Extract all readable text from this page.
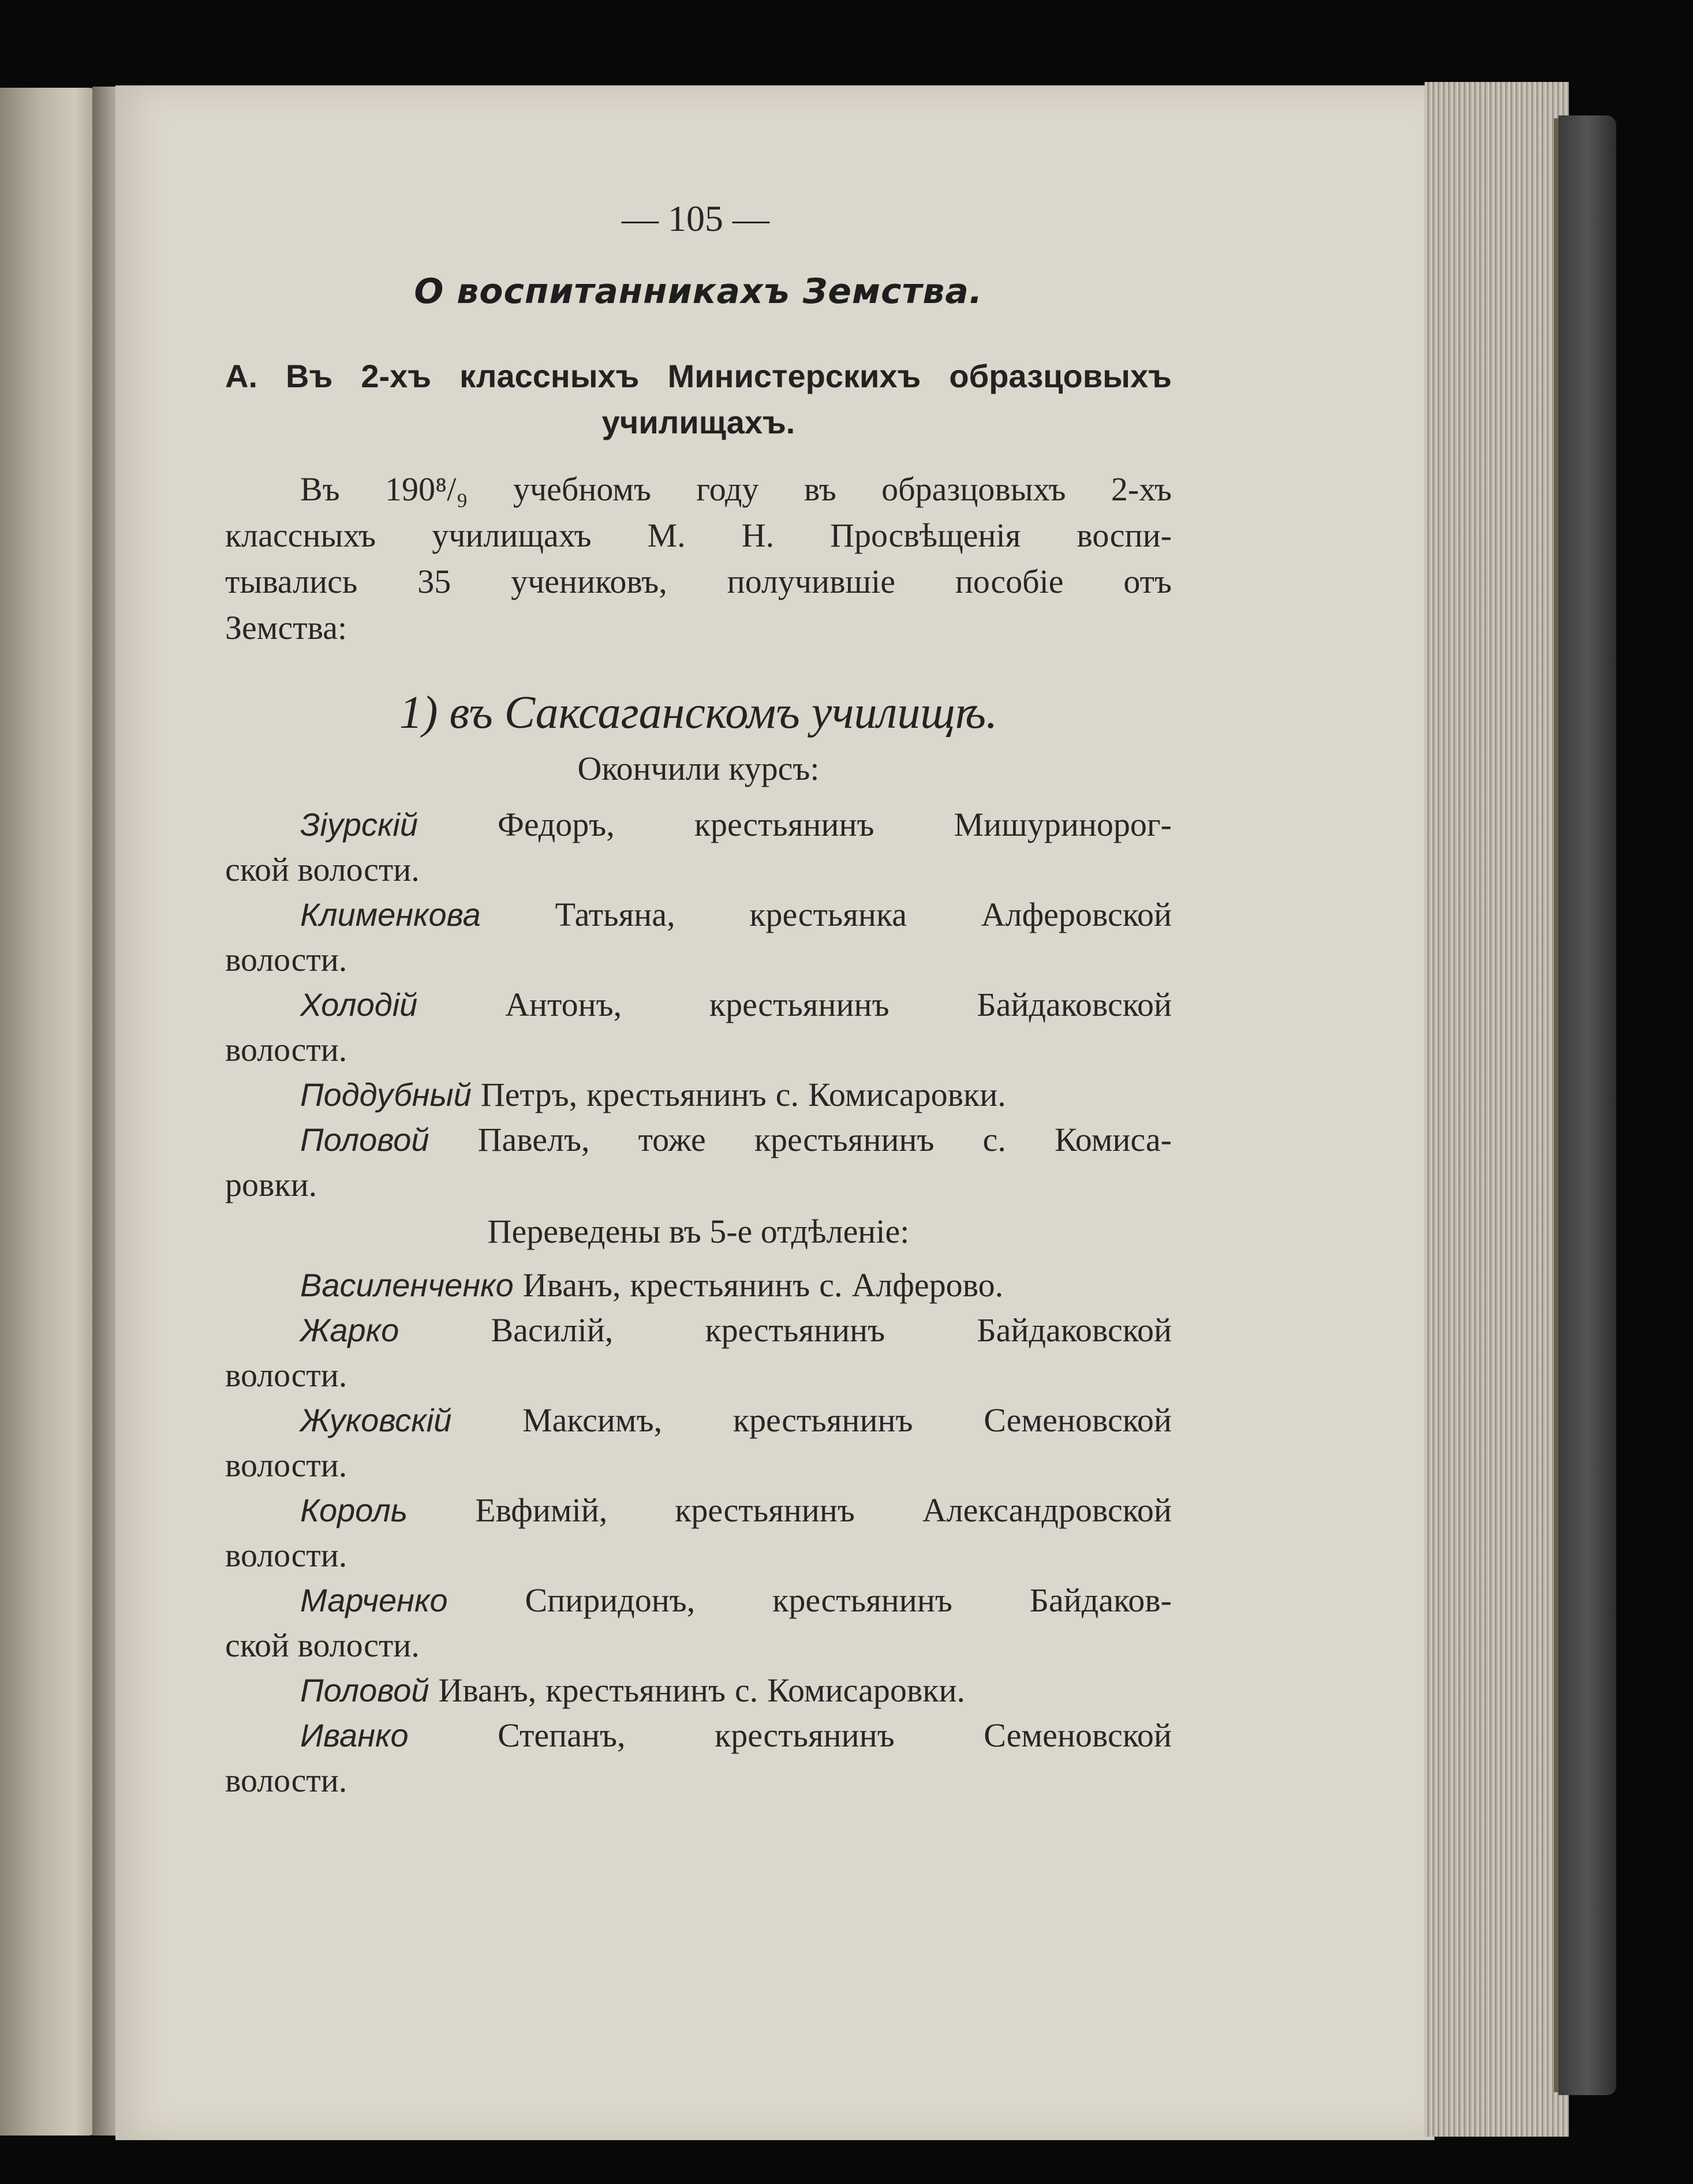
— 105 —
О воспитанникахъ Земства.
А. Въ 2-хъ классныхъ Министерскихъ образцовыхъ
училищахъ.
Въ 190⁸/₉ учебномъ году въ образцовыхъ 2-хъ
классныхъ училищахъ М. Н. Просвѣщенія воспи-
тывались 35 учениковъ, получившіе пособіе отъ
Земства:
1) въ Саксаганскомъ училищѣ.
Окончили курсъ:
Зіурскій Федоръ, крестьянинъ Мишуринорог-
ской волости.
Клименкова Татьяна, крестьянка Алферовской
волости.
Холодій	Антонъ,	крестьянинъ	Байдаковской
волости.
Поддубный Петръ, крестьянинъ с. Комисаровки.
Половой Павелъ, тоже крестьянинъ с. Комиса-
ровки.
Переведены въ 5-е отдѣленіе:
Василенченко Иванъ, крестьянинъ с. Алферово.
Жарко	Василій,	крестьянинъ	Байдаковской
волости.
Жуковскій Максимъ, крестьянинъ Семеновской
волости.
Король Евфимій, крестьянинъ Александровской
волости.
Марченко Спиридонъ, крестьянинъ Байдаков-
ской волости.
Половой Иванъ, крестьянинъ с. Комисаровки.
Иванко	Степанъ,	крестьянинъ	Семеновской
волости.
